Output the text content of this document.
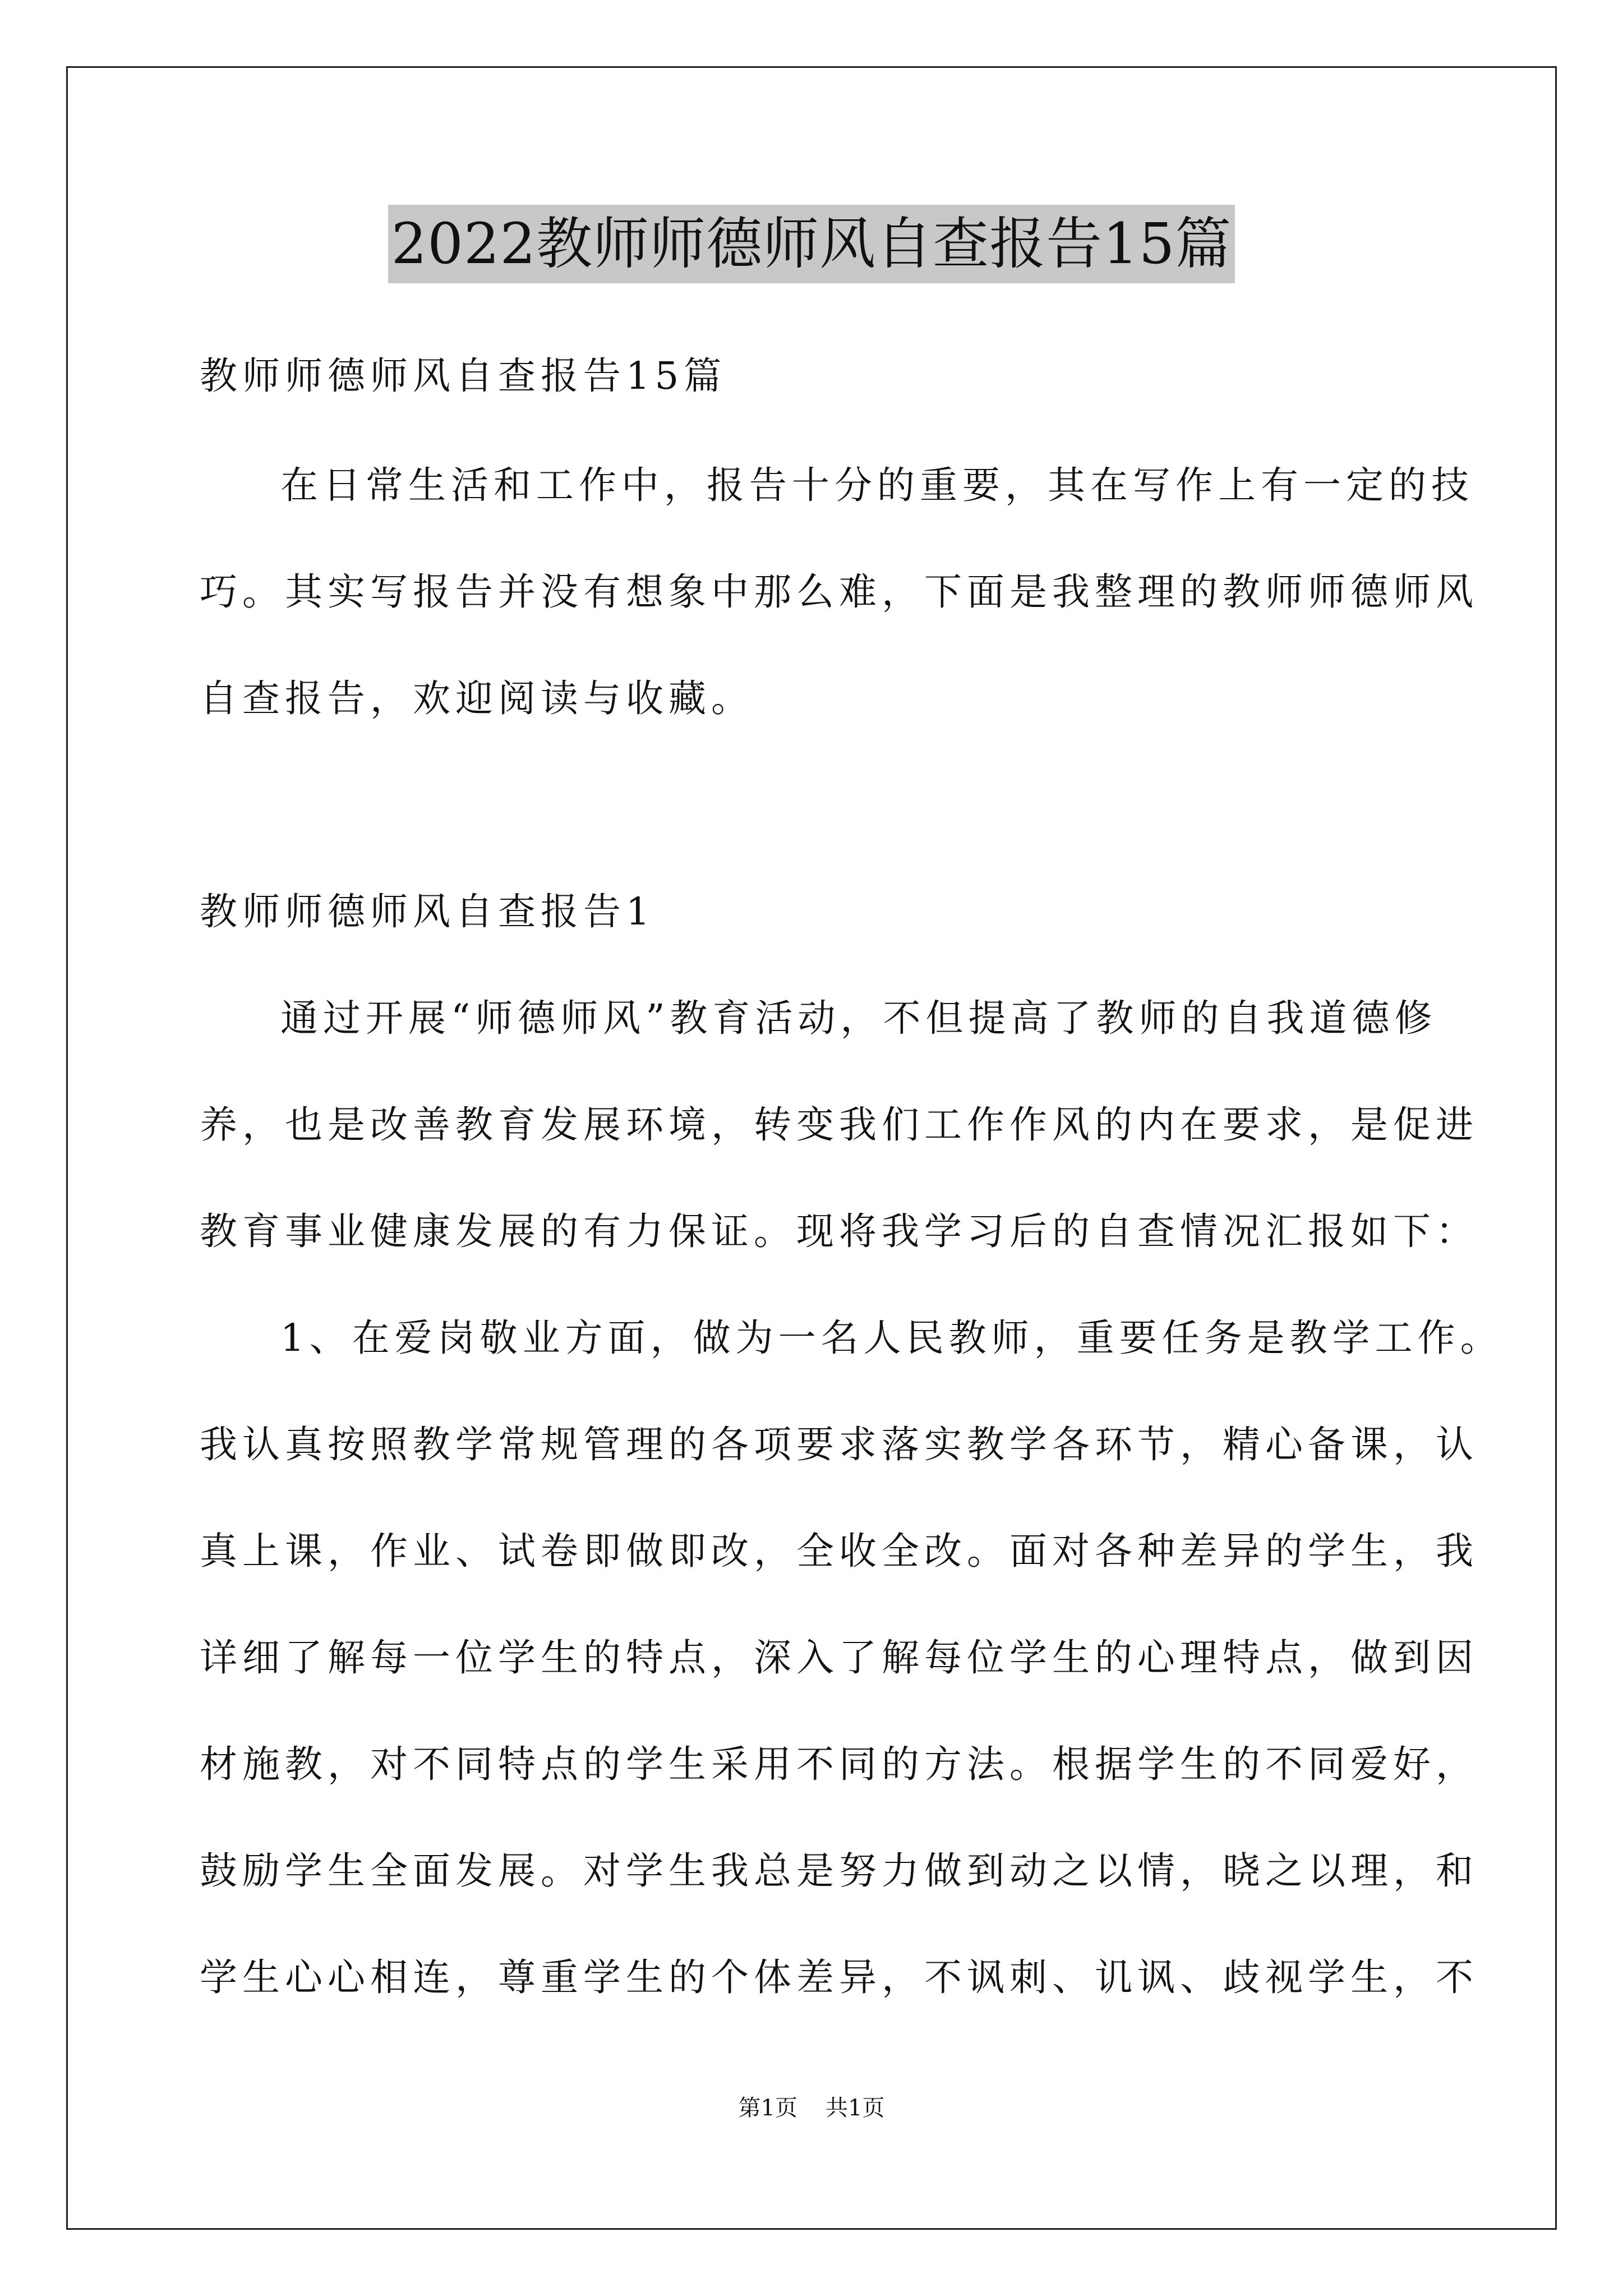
2022教师师德师风自查报告15篇
教师师德师风自查报告15篇
在日常生活和工作中，报告十分的重要，其在写作上有一定的技
巧。其实写报告并没有想象中那么难，下面是我整理的教师师德师风
自查报告，欢迎阅读与收藏。
教师师德师风自查报告1
通过开展“师德师风”教育活动，不但提高了教师的自我道德修
养，也是改善教育发展环境，转变我们工作作风的内在要求，是促进
教育事业健康发展的有力保证。现将我学习后的自查情况汇报如下：
1、在爱岗敬业方面，做为一名人民教师，重要任务是教学工作。
我认真按照教学常规管理的各项要求落实教学各环节，精心备课，认
真上课，作业、试卷即做即改，全收全改。面对各种差异的学生，我
详细了解每一位学生的特点，深入了解每位学生的心理特点，做到因
材施教，对不同特点的学生采用不同的方法。根据学生的不同爱好，
鼓励学生全面发展。对学生我总是努力做到动之以情，晓之以理，和
学生心心相连，尊重学生的个体差异，不讽刺、讥讽、歧视学生，不
第1页 共1页
